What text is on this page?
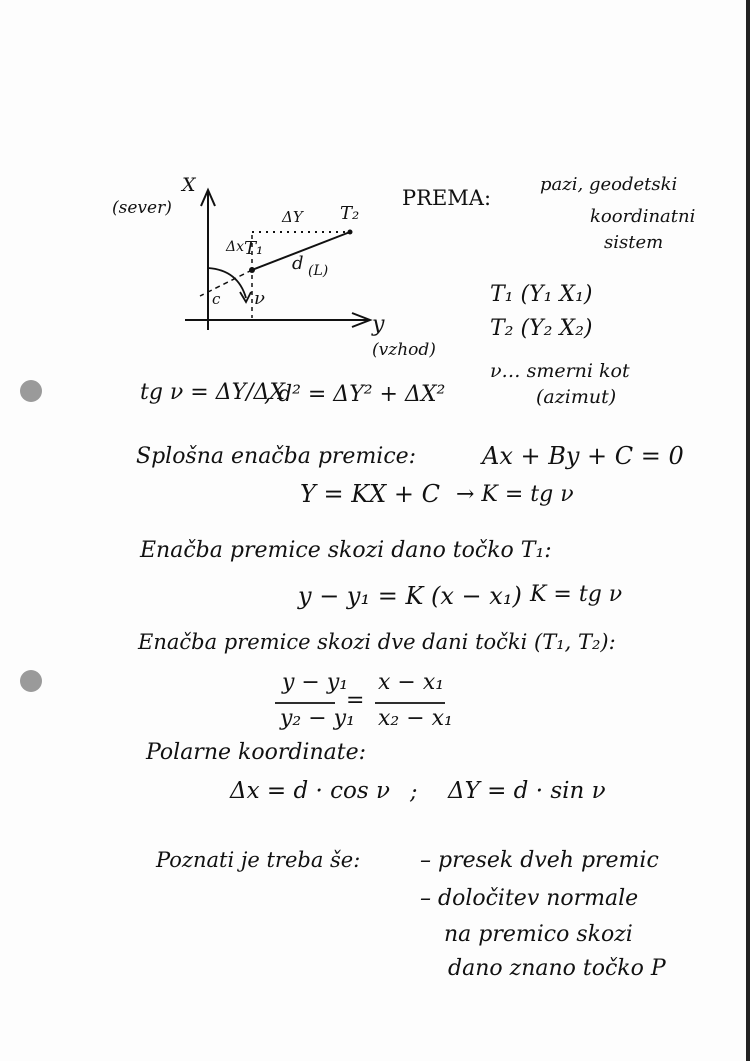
(sever)
X
ΔY T₂
Δx T₁
d (L)
c ν
y
(vzhod)
PREMA:
pazi, geodetski
koordinatni
sistem
T₁ (Y₁ X₁)
T₂ (Y₂ X₂)
ν… smerni kot
(azimut)
tg ν = ΔY/ΔX
, d² = ΔY² + ΔX²
Splošna enačba premice:	Ax + By + C = 0
Y = KX + C → K = tg ν
Enačba premice skozi dano točko T₁:
y − y₁ = K (x − x₁) K = tg ν
Enačba premice skozi dve dani točki (T₁, T₂):
y − y₁
y₂ − y₁
=
x − x₁
x₂ − x₁
Polarne koordinate:
Δx = d · cos ν ; ΔY = d · sin ν
Poznati je treba še:	– presek dveh premic
– določitev normale
na premico skozi
dano znano točko P
